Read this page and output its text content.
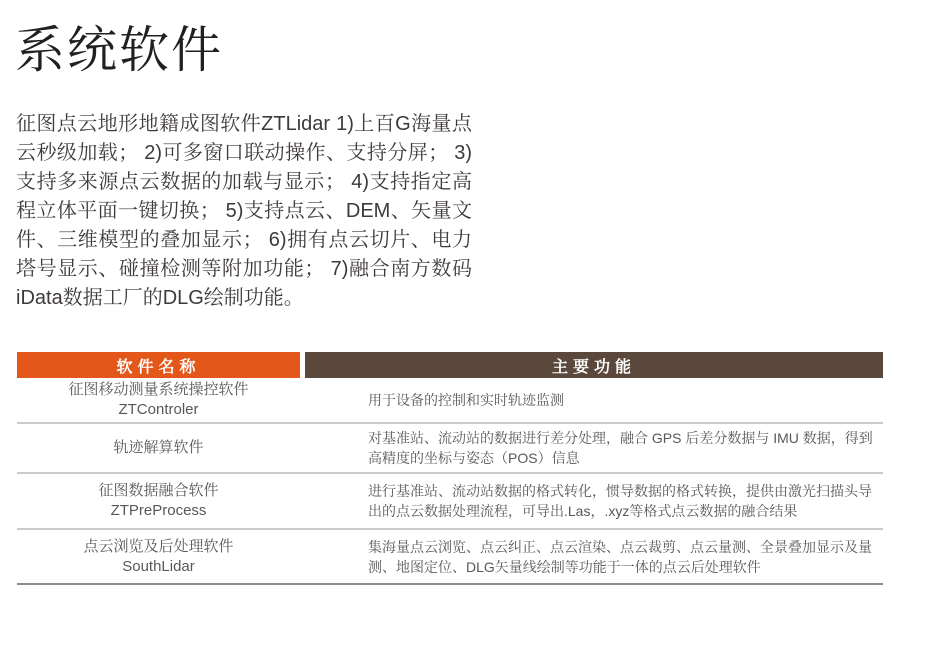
系统软件

征图点云地形地籍成图软件ZTLidar 1)上百G海量点云秒级加载； 2)可多窗口联动操作、支持分屏； 3)支持多来源点云数据的加载与显示； 4)支持指定高程立体平面一键切换； 5)支持点云、DEM、矢量文件、三维模型的叠加显示； 6)拥有点云切片、电力塔号显示、碰撞检测等附加功能； 7)融合南方数码iData数据工厂的DLG绘制功能。

软件名称	主要功能
征图移动测量系统操控软件
ZTControler
用于设备的控制和实时轨迹监测
轨迹解算软件
对基准站、流动站的数据进行差分处理，融合 GPS 后差分数据与 IMU 数据，得到高精度的坐标与姿态（POS）信息
征图数据融合软件
ZTPreProcess
进行基准站、流动站数据的格式转化，惯导数据的格式转换，提供由激光扫描头导出的点云数据处理流程，可导出.Las，.xyz等格式点云数据的融合结果
点云浏览及后处理软件
SouthLidar
集海量点云浏览、点云纠正、点云渲染、点云裁剪、点云量测、全景叠加显示及量测、地图定位、DLG矢量线绘制等功能于一体的点云后处理软件
